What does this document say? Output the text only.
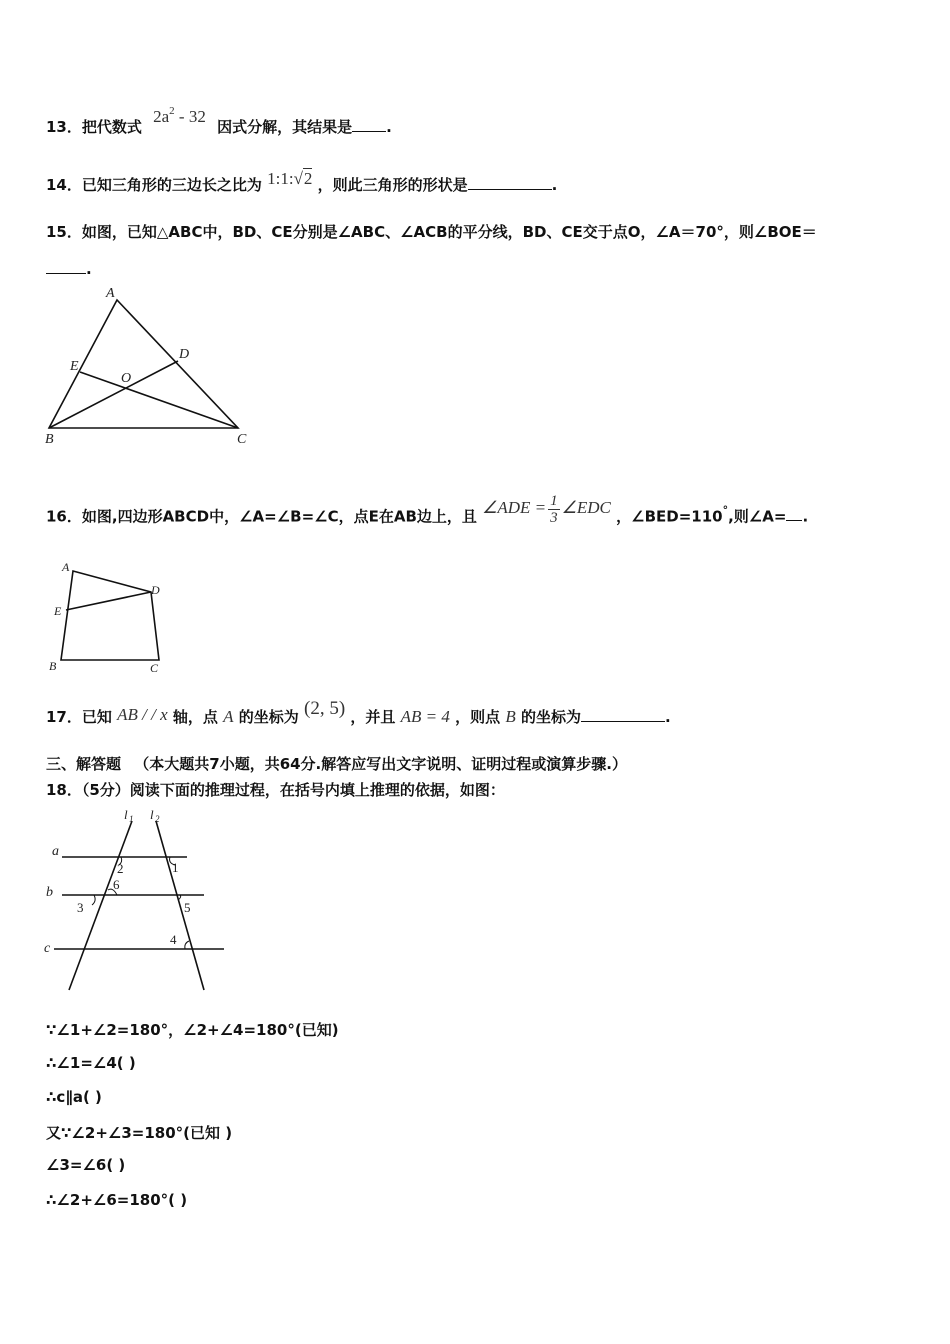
13．把代数式 $2a^2 - 32$ 因式分解，其结果是 .
14．已知三角形的三边长之比为 1:1:√2 ，则此三角形的形状是	.
15．如图，已知△ABC中，BD、CE分别是∠ABC、∠ACB的平分线，BD、CE交于点O，∠A＝70°，则∠BOE＝
.
A
B	C
D
E
O
16．如图,四边形ABCD中，∠A=∠B=∠C，点E在AB边上，且 ∠ADE = $\frac{1}{3}$ ∠EDC ，∠BED=110°,则∠A= .
A
B	C
D
E
17．已知 AB / / x 轴，点 A 的坐标为 (2, 5) ，并且 AB = 4 ，则点 B 的坐标为	.
三、解答题 （本大题共7小题，共64分.解答应写出文字说明、证明过程或演算步骤.）
18．（5分）阅读下面的推理过程，在括号内填上推理的依据，如图：
l 1 l 2
a
b
c
1
2
3
4
5
6
∵∠1+∠2=180°，∠2+∠4=180°(已知)
∴∠1=∠4( )
∴c∥a( )
又∵∠2+∠3=180°(已知 )
∠3=∠6( )
∴∠2+∠6=180°( )
